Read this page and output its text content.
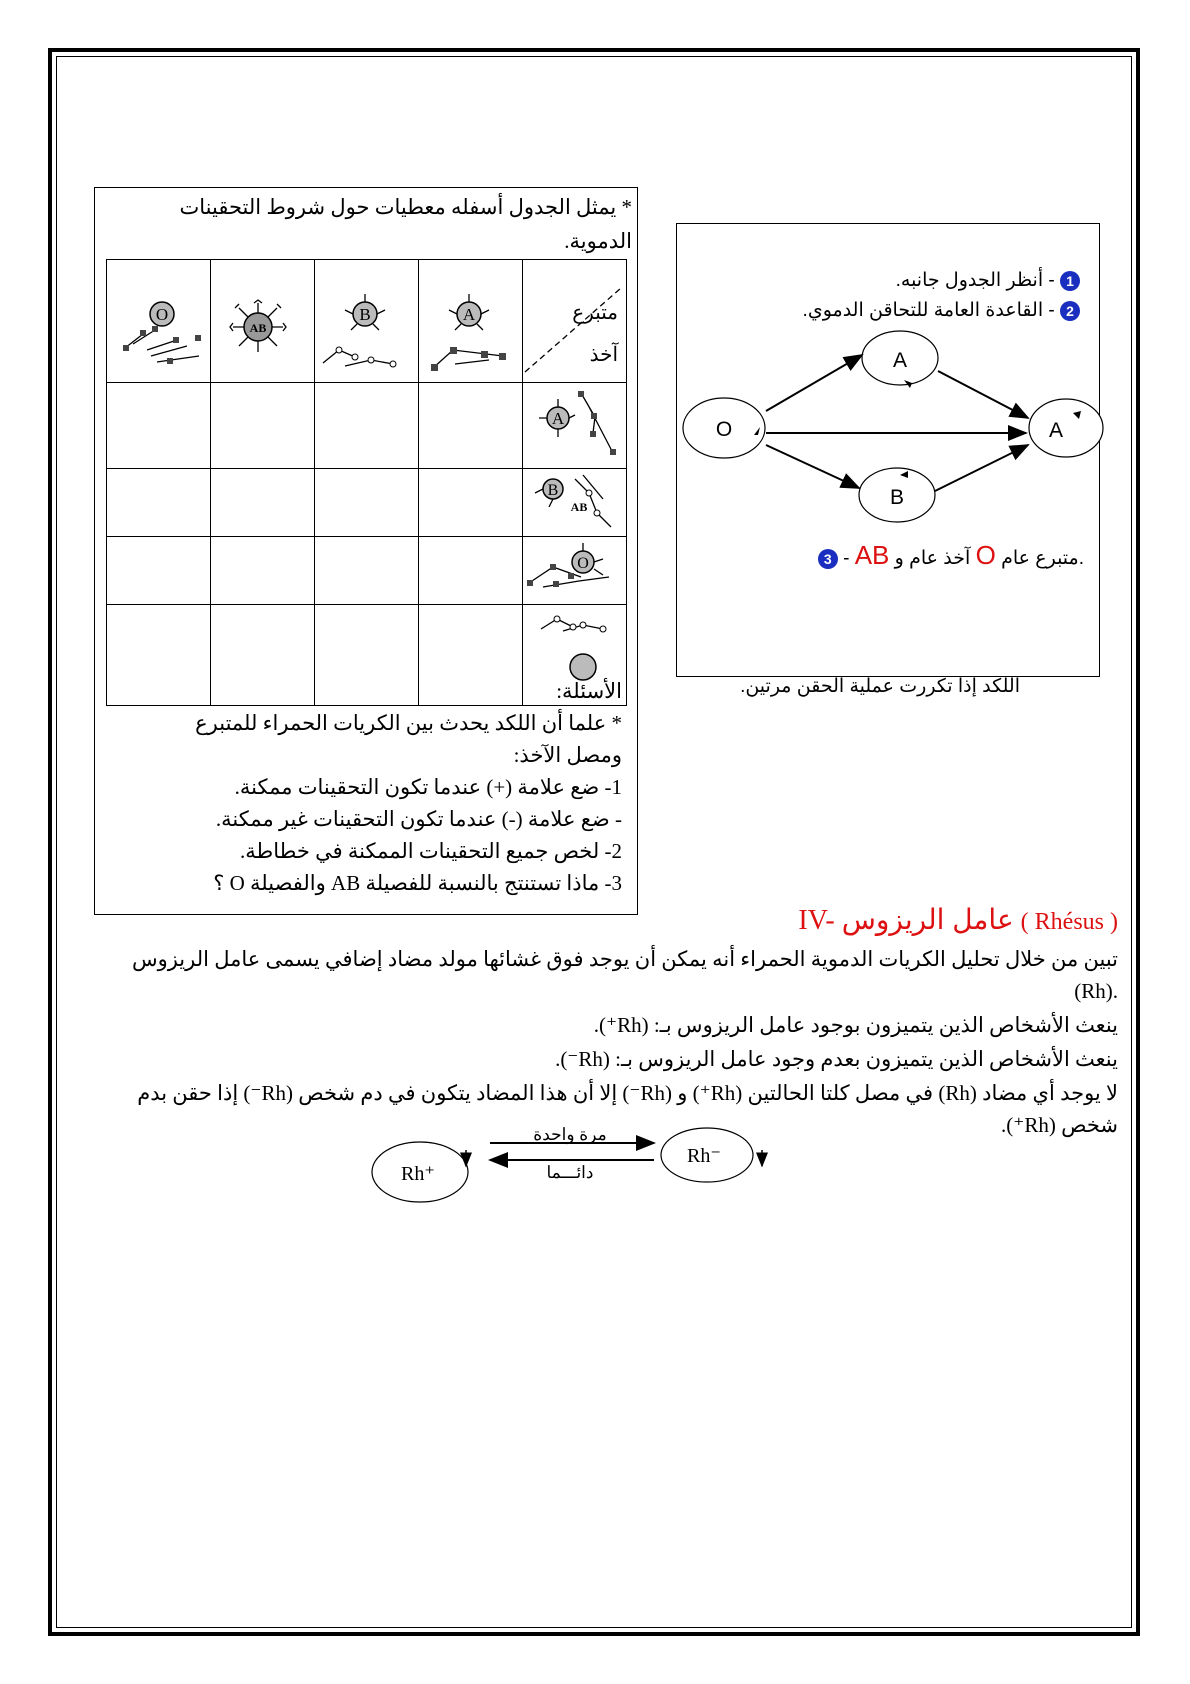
* يمثل الجدول أسفله معطيات حول شروط التحقينات
الدموية.
O	AB	B	A	متبرع
آخذ

A

B
AB

O

الأسئلة:
* علما أن اللكد يحدث بين الكريات الحمراء للمتبرع
ومصل الآخذ:
1- ضع علامة (+) عندما تكون التحقينات ممكنة.
- ضع علامة (-) عندما تكون التحقينات غير ممكنة.
2- لخص جميع التحقينات الممكنة في خطاطة.
3- ماذا تستنتج بالنسبة للفصيلة AB والفصيلة O ؟
1 - أنظر الجدول جانبه.
2 - القاعدة العامة للتحاقن الدموي.
O
A
B
A
3 - AB آخذ عام و O متبرع عام.
اللكد إذا تكررت عملية الحقن مرتين.
IV- عامل الريزوس ( Rhésus )
تبين من خلال تحليل الكريات الدموية الحمراء أنه يمكن أن يوجد فوق غشائها مولد مضاد إضافي يسمى عامل الريزوس
(Rh).
ينعث الأشخاص الذين يتميزون بوجود عامل الريزوس بـ: (Rh⁺).
ينعث الأشخاص الذين يتميزون بعدم وجود عامل الريزوس بـ: (Rh⁻).
لا يوجد أي مضاد (Rh) في مصل كلتا الحالتين (Rh⁺) و (Rh⁻) إلا أن هذا المضاد يتكون في دم شخص (Rh⁻) إذا حقن بدم
شخص (Rh⁺).
Rh⁺
Rh⁻
مرة واحدة
دائـــما
